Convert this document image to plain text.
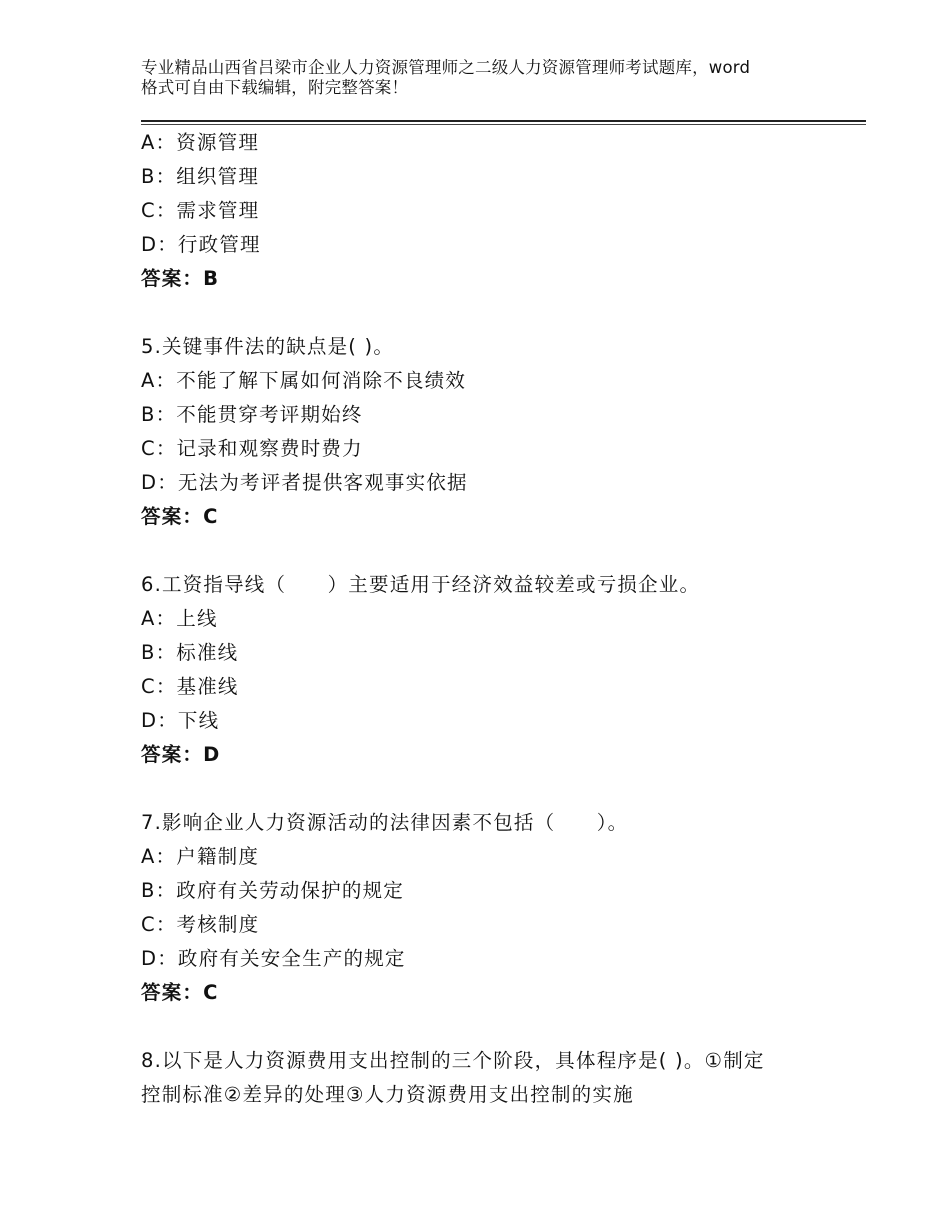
专业精品山西省吕梁市企业人力资源管理师之二级人力资源管理师考试题库，word
格式可自由下载编辑，附完整答案！
A：资源管理
B：组织管理
C：需求管理
D：行政管理
答案：B
5.关键事件法的缺点是( )。
A：不能了解下属如何消除不良绩效
B：不能贯穿考评期始终
C：记录和观察费时费力
D：无法为考评者提供客观事实依据
答案：C
6.工资指导线（　　）主要适用于经济效益较差或亏损企业。
A：上线
B：标准线
C：基准线
D：下线
答案：D
7.影响企业人力资源活动的法律因素不包括（　　）。
A：户籍制度
B：政府有关劳动保护的规定
C：考核制度
D：政府有关安全生产的规定
答案：C
8.以下是人力资源费用支出控制的三个阶段，具体程序是( )。①制定
控制标准②差异的处理③人力资源费用支出控制的实施
